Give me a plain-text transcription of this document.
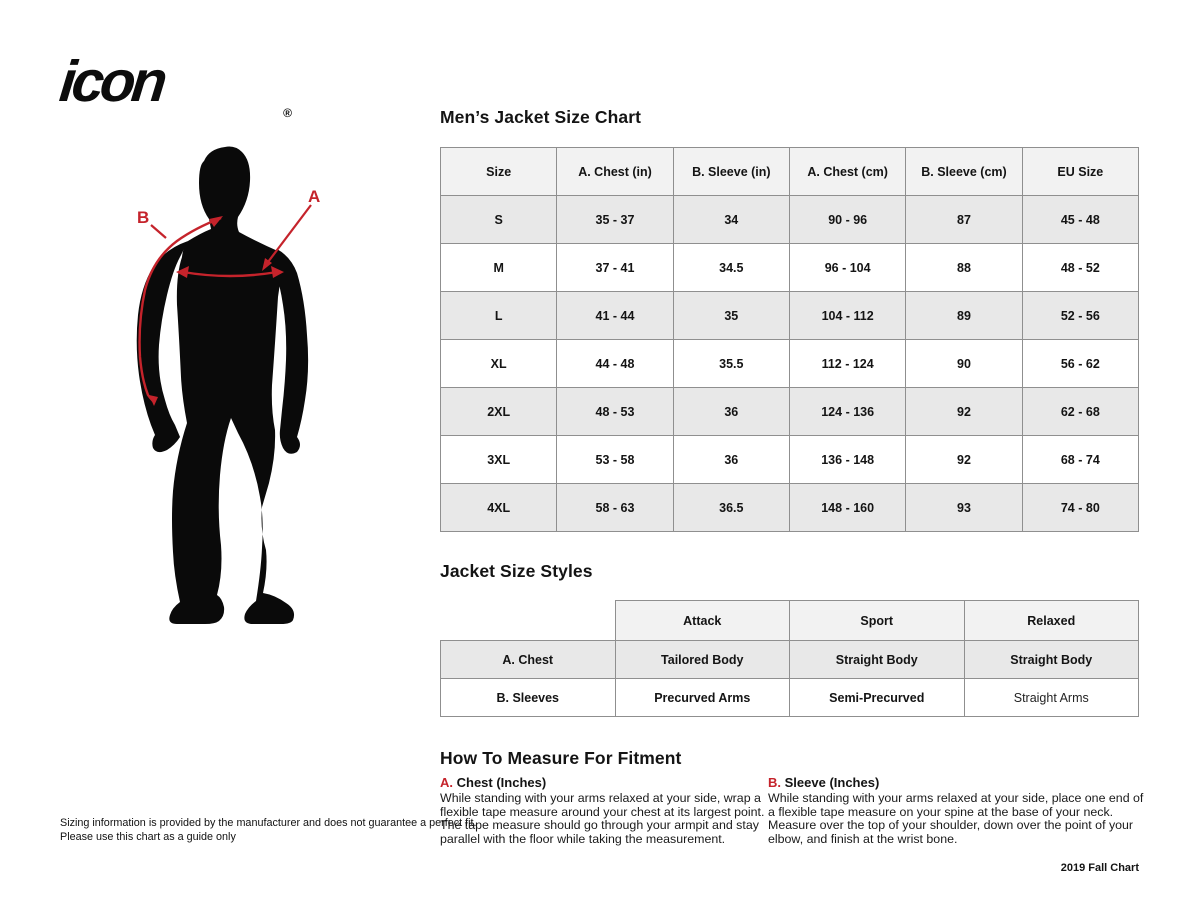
icon	®
B
A
Men’s Jacket Size Chart
Jacket Size Styles
How To Measure For Fitment
Size	A. Chest (in)	B. Sleeve (in)	A. Chest (cm)	B. Sleeve (cm)	EU Size
S	35 - 37	34	90 - 96	87	45 - 48
M	37 - 41	34.5	96 - 104	88	48 - 52
L	41 - 44	35	104 - 112	89	52 - 56
XL	44 - 48	35.5	112 - 124	90	56 - 62
2XL	48 - 53	36	124 - 136	92	62 - 68
3XL	53 - 58	36	136 - 148	92	68 - 74
4XL	58 - 63	36.5	148 - 160	93	74 - 80
	Attack	Sport	Relaxed
A. Chest	Tailored Body	Straight Body	Straight Body
B. Sleeves	Precurved Arms	Semi-Precurved	Straight Arms

A. Chest (Inches)

While standing with your arms relaxed at your side, wrap a flexible tape measure around your chest at its largest point. The tape measure should go through your armpit and stay parallel with the floor while taking the measurement.

B. Sleeve (Inches)

While standing with your arms relaxed at your side, place one end of a flexible tape measure on your spine at the base of your neck. Measure over the top of your shoulder, down over the point of your elbow, and finish at the wrist bone.

Sizing information is provided by the manufacturer and does not guarantee a perfect fit.
Please use this chart as a guide only
2019 Fall Chart
